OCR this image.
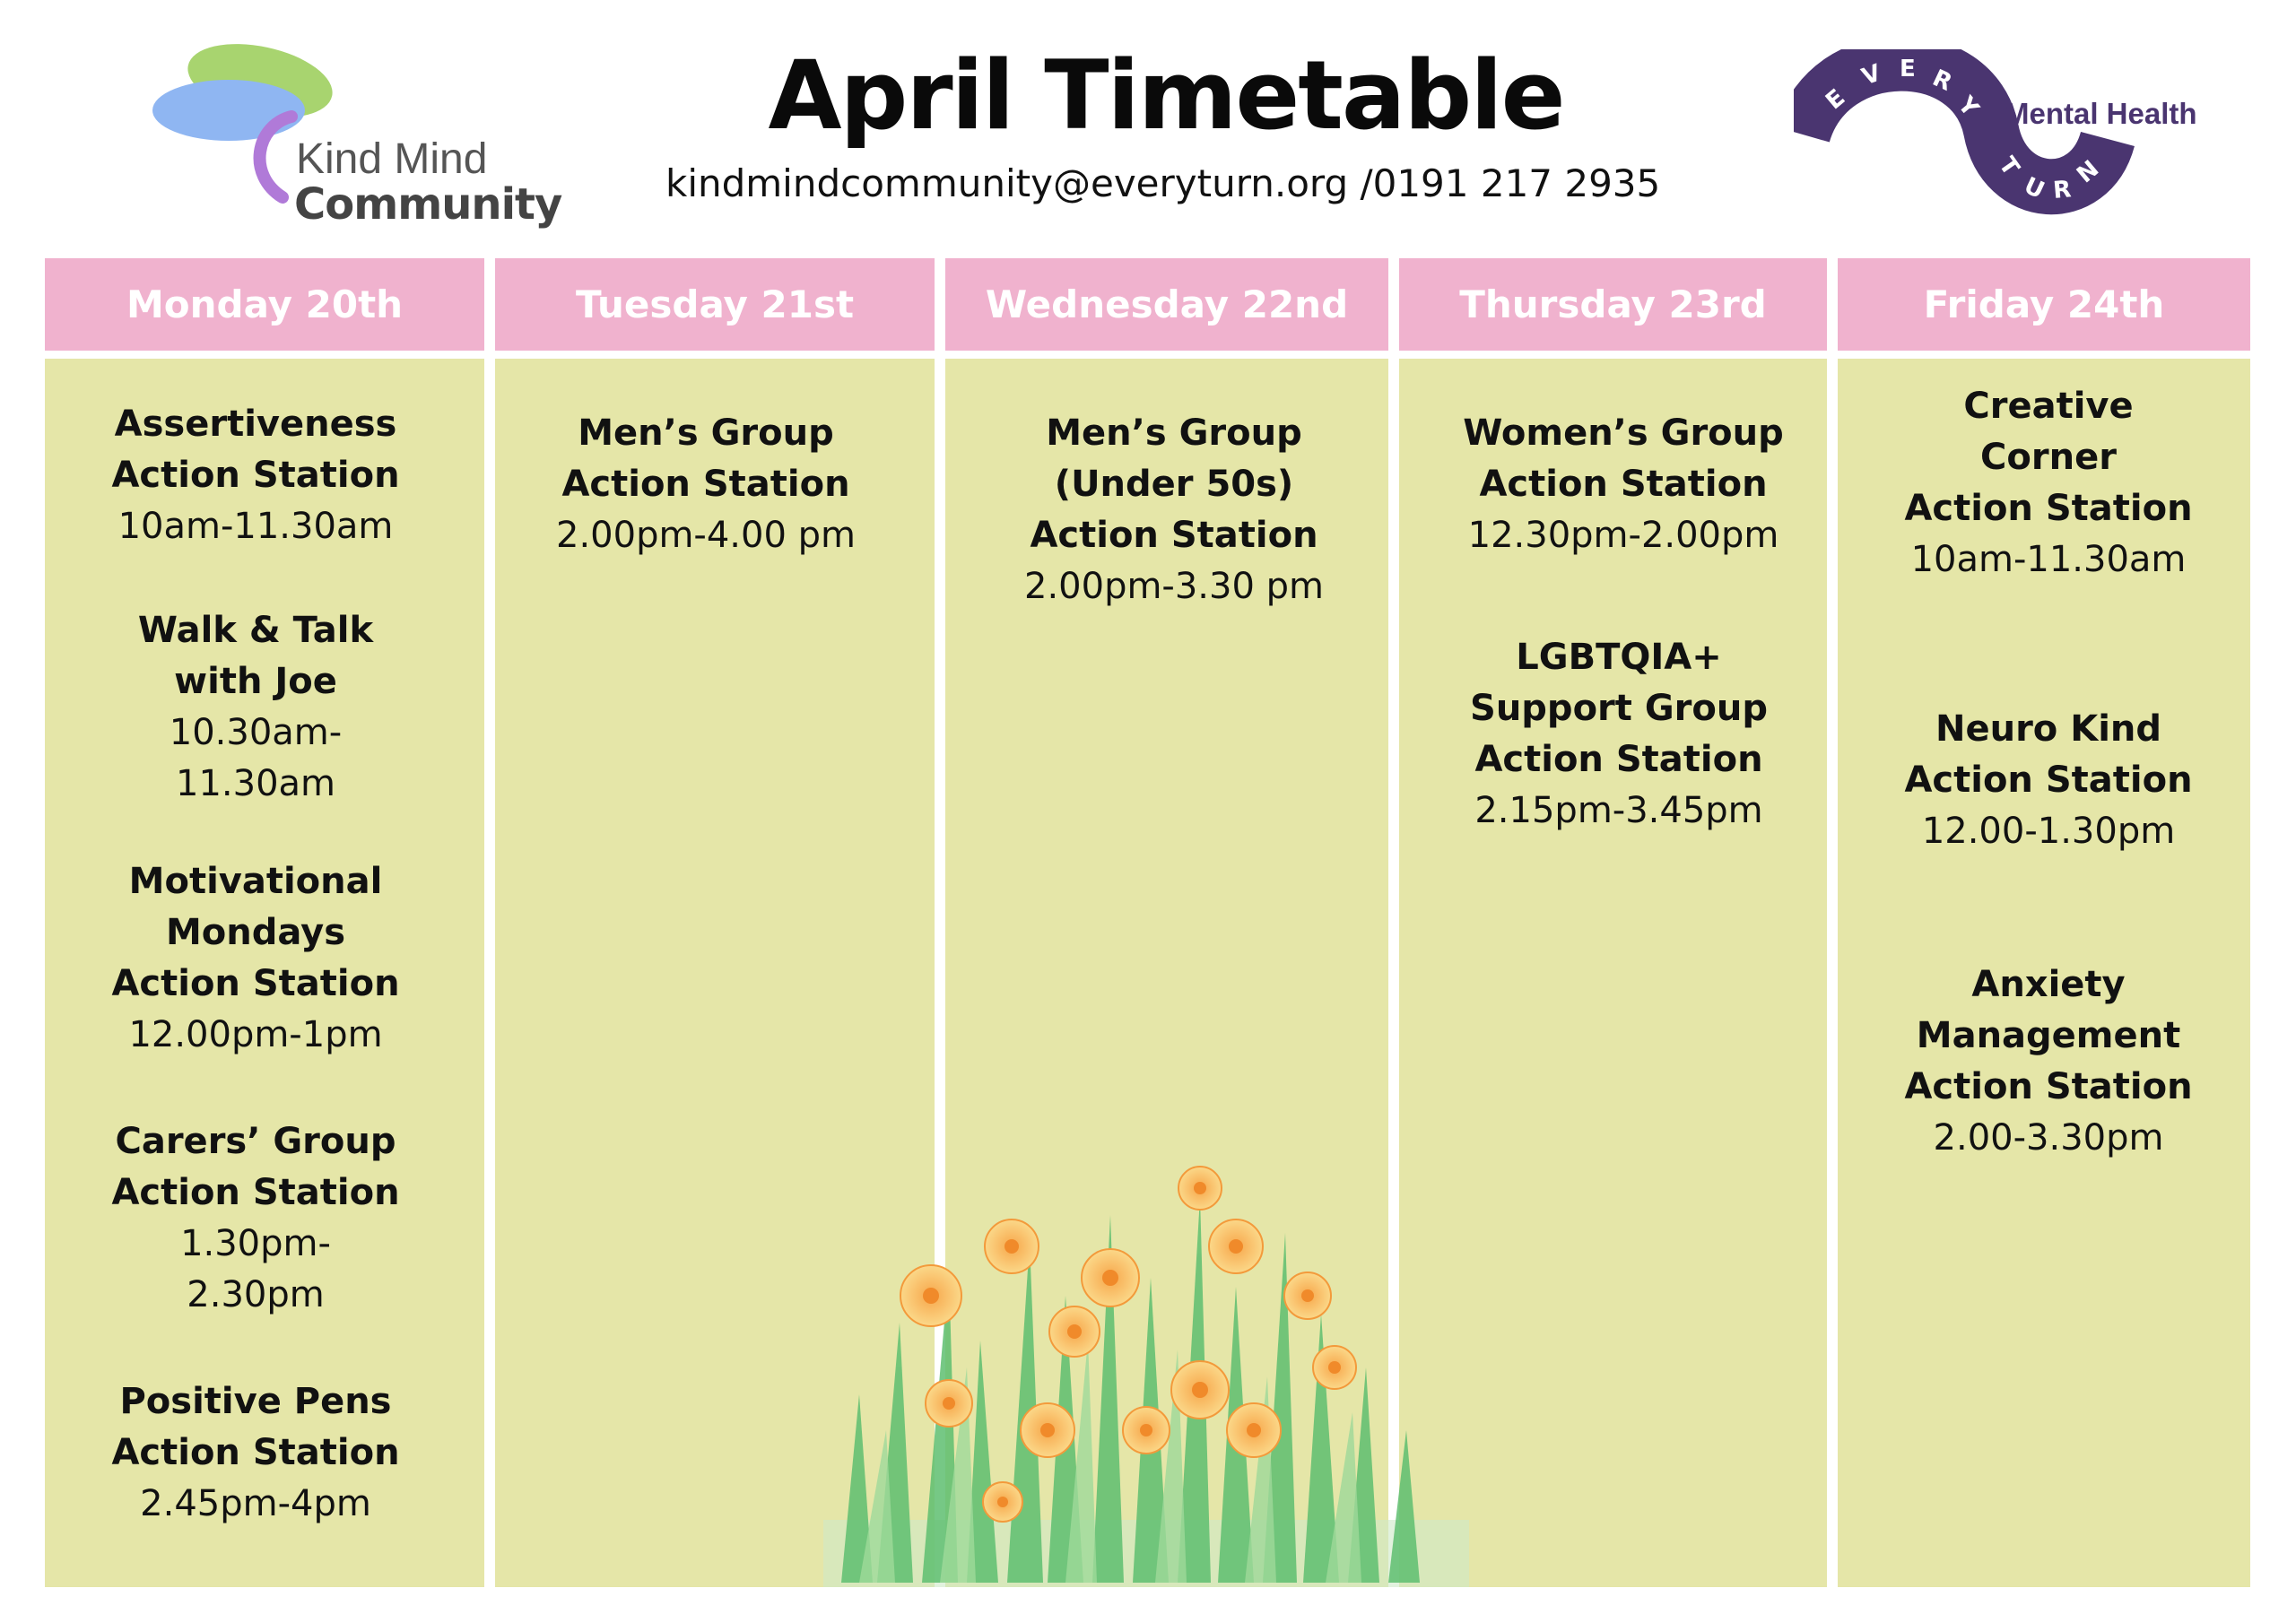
Kind Mind
Community
April Timetable
kindmindcommunity@everyturn.org /0191 217 2935
E
V E R
Y
T
U R
N
Mental Health
Monday 20th
Assertiveness
Action Station
10am-11.30am
Walk & Talk
with Joe
10.30am-
11.30am
Motivational
Mondays
Action Station
12.00pm-1pm
Carers’ Group
Action Station
1.30pm-
2.30pm
Positive Pens
Action Station
2.45pm-4pm
Tuesday 21st
Men’s Group
Action Station
2.00pm-4.00 pm
Wednesday 22nd
Men’s Group
(Under 50s)
Action Station
2.00pm-3.30 pm
Thursday 23rd
Women’s Group
Action Station
12.30pm-2.00pm
LGBTQIA+
Support Group
Action Station
2.15pm-3.45pm
Friday 24th
Creative
Corner
Action Station
10am-11.30am
Neuro Kind
Action Station
12.00-1.30pm
Anxiety
Management
Action Station
2.00-3.30pm
